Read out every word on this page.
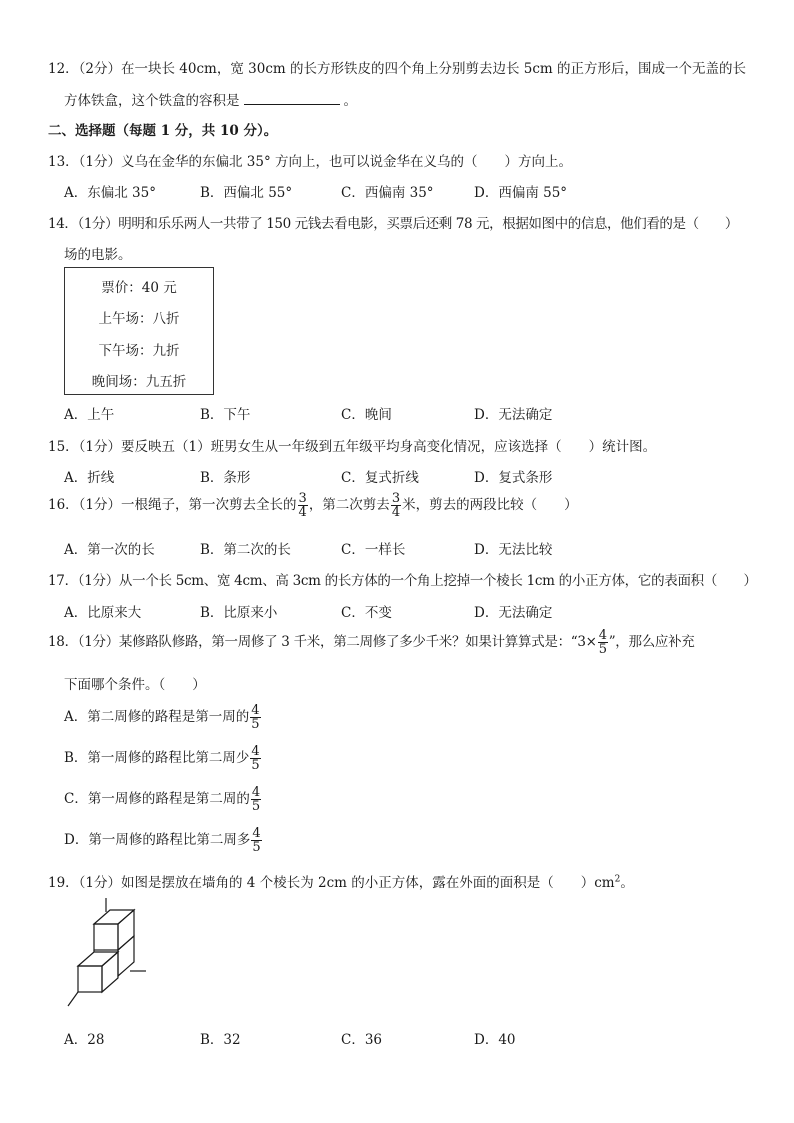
12．（2分）在一块长 40cm，宽 30cm 的长方形铁皮的四个角上分别剪去边长 5cm 的正方形后，围成一个无盖的长
方体铁盒，这个铁盒的容积是	。
二、选择题（每题 1 分，共 10 分）。
13．（1分）义乌在金华的东偏北 35° 方向上，也可以说金华在义乌的（　　）方向上。
A．东偏北 35°	B．西偏北 55°	C．西偏南 35°	D．西偏南 55°
14．（1分）明明和乐乐两人一共带了 150 元钱去看电影，买票后还剩 78 元，根据如图中的信息，他们看的是（　　）
场的电影。
票价：40 元
上午场：八折
下午场：九折
晚间场：九五折
A．上午	B．下午	C．晚间	D．无法确定
15．（1分）要反映五（1）班男女生从一年级到五年级平均身高变化情况，应该选择（　　）统计图。
A．折线	B．条形	C．复式折线	D．复式条形
16．（1分）一根绳子，第一次剪去全长的 $\frac{3}{4}$ ，第二次剪去 $\frac{3}{4}$ 米，剪去的两段比较（　　）
A．第一次的长	B．第二次的长	C．一样长	D．无法比较
17．（1分）从一个长 5cm、宽 4cm、高 3cm 的长方体的一个角上挖掉一个棱长 1cm 的小正方体，它的表面积（　　）
A．比原来大	B．比原来小	C．不变	D．无法确定
18．（1分）某修路队修路，第一周修了 3 千米，第二周修了多少千米？如果计算算式是：“$3\times \frac{4}{5}$ ”，那么应补充
下面哪个条件。（　　）
A．第二周修的路程是第一周的 $\frac{4}{5}$
B．第一周修的路程比第二周少 $\frac{4}{5}$
C．第一周修的路程是第二周的 $\frac{4}{5}$
D．第一周修的路程比第二周多 $\frac{4}{5}$
19．（1分）如图是摆放在墙角的 4 个棱长为 2cm 的小正方体，露在外面的面积是（　　）$cm^2$。
A．28	B．32	C．36	D．40
